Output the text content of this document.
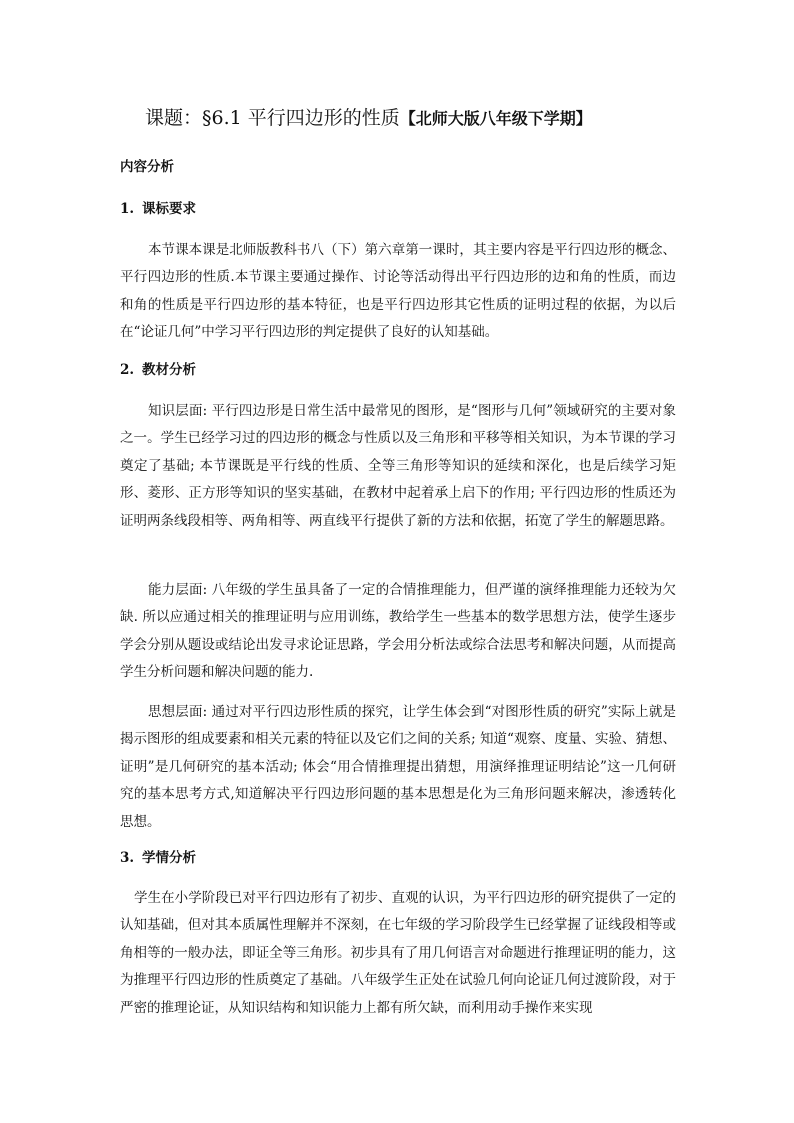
课题：§6.1 平行四边形的性质【北师大版八年级下学期】
内容分析
1. 课标要求
本节课本课是北师版教科书八（下）第六章第一课时，其主要内容是平行四边形的概念、平行四边形的性质.本节课主要通过操作、讨论等活动得出平行四边形的边和角的性质，而边和角的性质是平行四边形的基本特征，也是平行四边形其它性质的证明过程的依据，为以后在“论证几何”中学习平行四边形的判定提供了良好的认知基础。
2. 教材分析
知识层面: 平行四边形是日常生活中最常见的图形，是“图形与几何”领域研究的主要对象之一。学生已经学习过的四边形的概念与性质以及三角形和平移等相关知识，为本节课的学习奠定了基础; 本节课既是平行线的性质、全等三角形等知识的延续和深化，也是后续学习矩形、菱形、正方形等知识的坚实基础，在教材中起着承上启下的作用; 平行四边形的性质还为证明两条线段相等、两角相等、两直线平行提供了新的方法和依据，拓宽了学生的解题思路。
能力层面: 八年级的学生虽具备了一定的合情推理能力，但严谨的演绎推理能力还较为欠缺. 所以应通过相关的推理证明与应用训练，教给学生一些基本的数学思想方法，使学生逐步学会分别从题设或结论出发寻求论证思路，学会用分析法或综合法思考和解决问题，从而提高学生分析问题和解决问题的能力.
思想层面: 通过对平行四边形性质的探究，让学生体会到“对图形性质的研究”实际上就是揭示图形的组成要素和相关元素的特征以及它们之间的关系; 知道“观察、度量、实验、猜想、证明”是几何研究的基本活动; 体会“用合情推理提出猜想，用演绎推理证明结论”这一几何研究的基本思考方式,知道解决平行四边形问题的基本思想是化为三角形问题来解决，渗透转化思想。
3. 学情分析
学生在小学阶段已对平行四边形有了初步、直观的认识，为平行四边形的研究提供了一定的认知基础，但对其本质属性理解并不深刻，在七年级的学习阶段学生已经掌握了证线段相等或角相等的一般办法，即证全等三角形。初步具有了用几何语言对命题进行推理证明的能力，这为推理平行四边形的性质奠定了基础。八年级学生正处在试验几何向论证几何过渡阶段，对于严密的推理论证，从知识结构和知识能力上都有所欠缺，而利用动手操作来实现
